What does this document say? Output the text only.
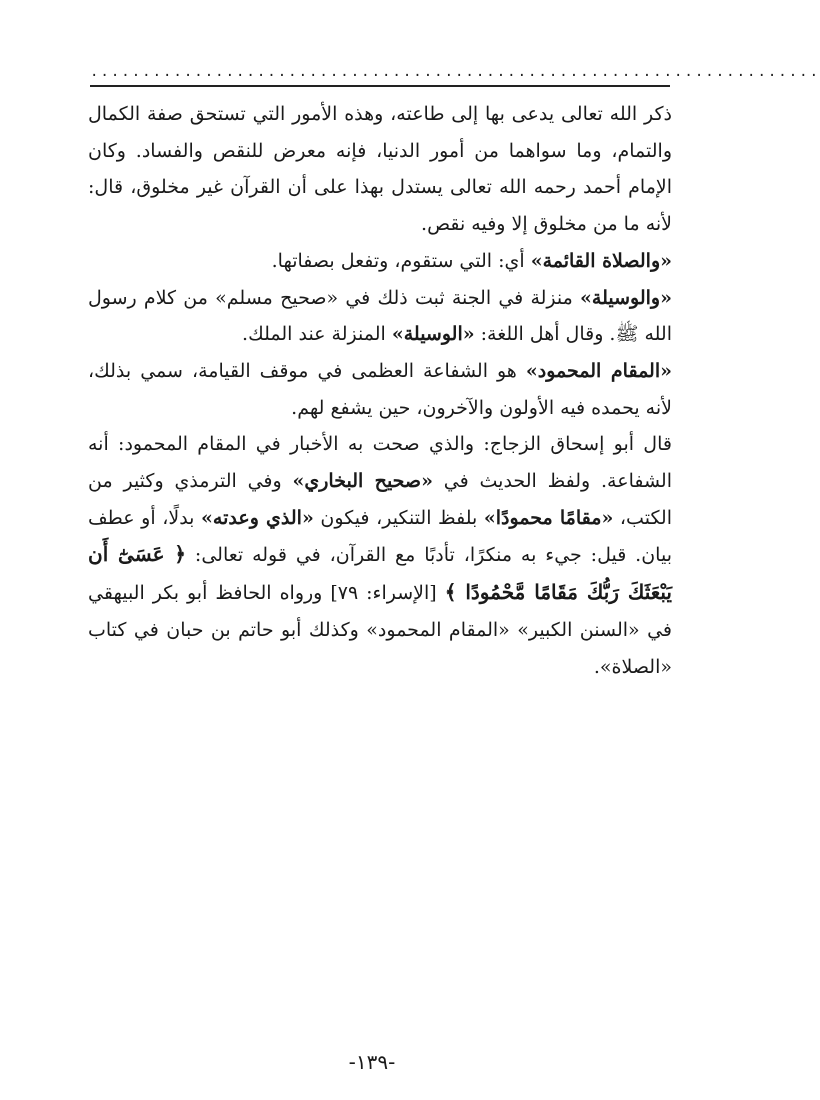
......................................................................

ذكر الله تعالى يدعى بها إلى طاعته، وهذه الأمور التي تستحق صفة الكمال والتمام، وما سواهما من أمور الدنيا، فإنه معرض للنقص والفساد. وكان الإمام أحمد رحمه الله تعالى يستدل بهذا على أن القرآن غير مخلوق، قال: لأنه ما من مخلوق إلا وفيه نقص.

«والصلاة القائمة» أي: التي ستقوم، وتفعل بصفاتها.

«والوسيلة» منزلة في الجنة ثبت ذلك في «صحيح مسلم» من كلام رسول الله ﷺ. وقال أهل اللغة: «الوسيلة» المنزلة عند الملك.

«المقام المحمود» هو الشفاعة العظمى في موقف القيامة، سمي بذلك، لأنه يحمده فيه الأولون والآخرون، حين يشفع لهم.

قال أبو إسحاق الزجاج: والذي صحت به الأخبار في المقام المحمود: أنه الشفاعة. ولفظ الحديث في «صحيح البخاري» وفي الترمذي وكثير من الكتب، «مقامًا محمودًا» بلفظ التنكير، فيكون «الذي وعدته» بدلًا، أو عطف بيان. قيل: جيء به منكرًا، تأدبًا مع القرآن، في قوله تعالى: ﴿ عَسَىٰٓ أَن يَبْعَثَكَ رَبُّكَ مَقَامًا مَّحْمُودًا ﴾ [الإسراء: ٧٩] ورواه الحافظ أبو بكر البيهقي في «السنن الكبير» «المقام المحمود» وكذلك أبو حاتم بن حبان في كتاب «الصلاة».

-١٣٩-
